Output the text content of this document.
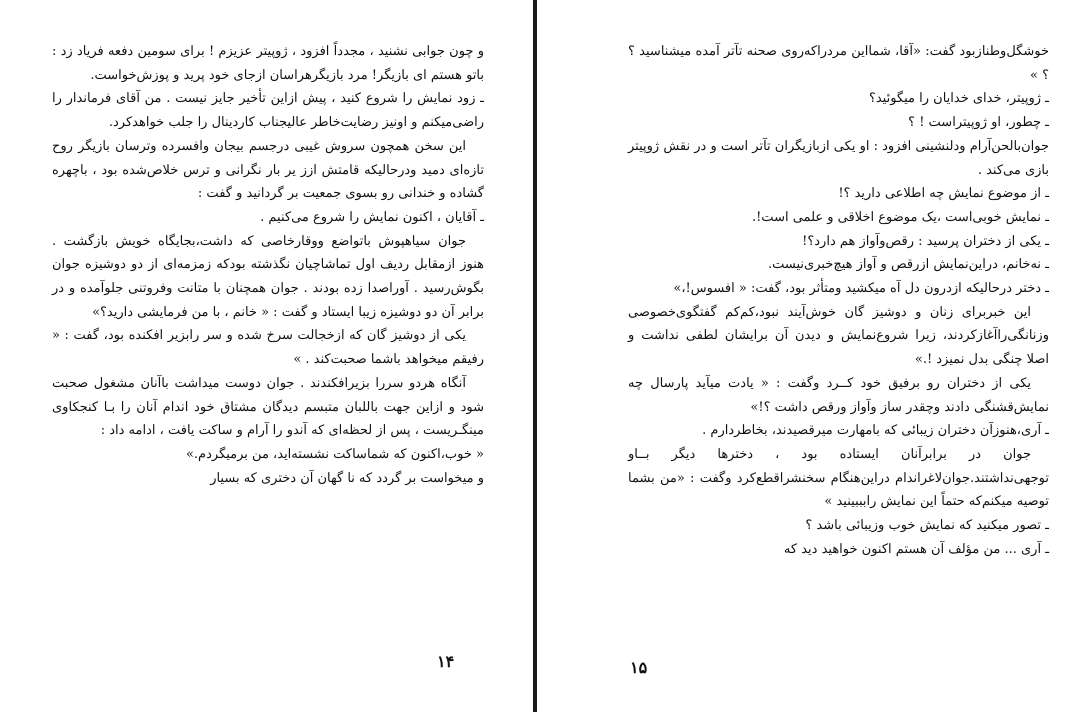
و چون جوابی نشنید ، مجدداً افزود ، ژوپیتر عزیزم ! برای سومین دفعه فریاد زد : باتو هستم ای بازیگر! مرد بازیگرهراسان ازجای خود پرید و پوزش‌خواست.

ـ زود نمایش را شروع کنید ، پیش ازاین تأخیر جایز نیست . من آقای فرماندار را راضی‌میکنم و اونیز رضایت‌خاطر عالیجناب کاردینال را جلب خواهدکرد.

این سخن همچون سروش غیبی درجسم بیجان وافسرده وترسان بازیگر روح تازه‌ای دمید ودرحالیکه قامتش ازز یر بار نگرانی و ترس خلاص‌شده بود ، باچهره گشاده و خندانی رو بسوی جمعیت بر گردانید و گفت :

ـ آقایان ، اکنون نمایش را شروع می‌کنیم .

جوان سیاهپوش باتواضع ووقارخاصی که داشت،بجایگاه خویش بازگشت . هنوز ازمقابل ردیف اول تماشاچیان نگذشته بودکه زمزمه‌ای از دو دوشیزه جوان بگوش‌رسید . آوراصدا زده بودند . جوان همچنان با متانت وفروتنی جلوآمده و در برابر آن دو دوشیزه زیبا ایستاد و گفت : « خانم ، با من فرمایشی دارید؟»

یکی از دوشیز گان که ازخجالت سرخ شده و سر رابزیر افکنده بود، گفت : « رفیقم میخواهد باشما صحبت‌کند . »

آنگاه هردو سررا بزیرافکندند . جوان دوست میداشت باآنان مشغول صحبت شود و ازاین جهت باللبان متبسم دیدگان مشتاق خود اندام آنان را بـا کنجکاوی مینگـریست ، پس از لحظه‌ای که آندو را آرام و ساکت یافت ، ادامه داد :

« خوب،اکنون که شماساکت نشسته‌اید، من برمیگردم.»

و میخواست بر گردد که نا گهان آن دختری که بسیار

۱۴

خوشگل‌وطنازبود گفت: «آقا، شمااین مردراکه‌روی صحنه تآتر آمده میشناسید ؟ ؟ »

ـ ژوپیتر، خدای خدایان را میگوئید؟

ـ چطور، او ژوپیتراست ! ؟

جوان‌بالحن‌آرام ودلنشینی افزود : او یکی ازبازیگران تآتر است و در نقش ژوپیتر بازی می‌کند .

ـ از موضوع نمایش چه اطلاعی دارید ؟!

ـ نمایش خوبی‌است ،یک موضوع اخلاقی و علمی است!.

ـ یکی از دختران پرسید : رقص‌وآواز هم دارد؟!

ـ نه‌خانم، دراین‌نمایش ازرقص و آواز هیچ‌خبری‌نیست.

ـ دختر درحالیکه ازدرون دل آه میکشید ومتأثر بود، گفت: « افسوس!،»

این خبربرای زنان و دوشیز گان خوش‌آیند نبود،کم‌کم گفتگوی‌خصوصی وزنانگی‌راآغازکردند، زیرا شروع‌نمایش و دیدن آن برایشان لطفی نداشت و اصلا چنگی بدل نمیزد !.»

یکی از دختران رو برفیق خود کــرد وگفت : « یادت میآید پارسال چه نمایش‌قشنگی دادند وچقدر ساز وآواز ورقص داشت ؟!»

ـ آری،هنوزآن دختران زیبائی که بامهارت میرقصیدند، بخاطردارم .

جوان در برابرآنان ایستاده بود ، دخترها دیگر بــاو توجهی‌نداشتند.جوان‌لاغراندام دراین‌هنگام سخنشرا‌قطع‌کرد وگفت : «من بشما توصیه میکنم‌که حتماً این نمایش رابببینید »

ـ تصور میکنید که نمایش خوب وزیبائی باشد ؟

ـ آری ... من مؤلف آن هستم اکنون خواهید دید که

۱۵
